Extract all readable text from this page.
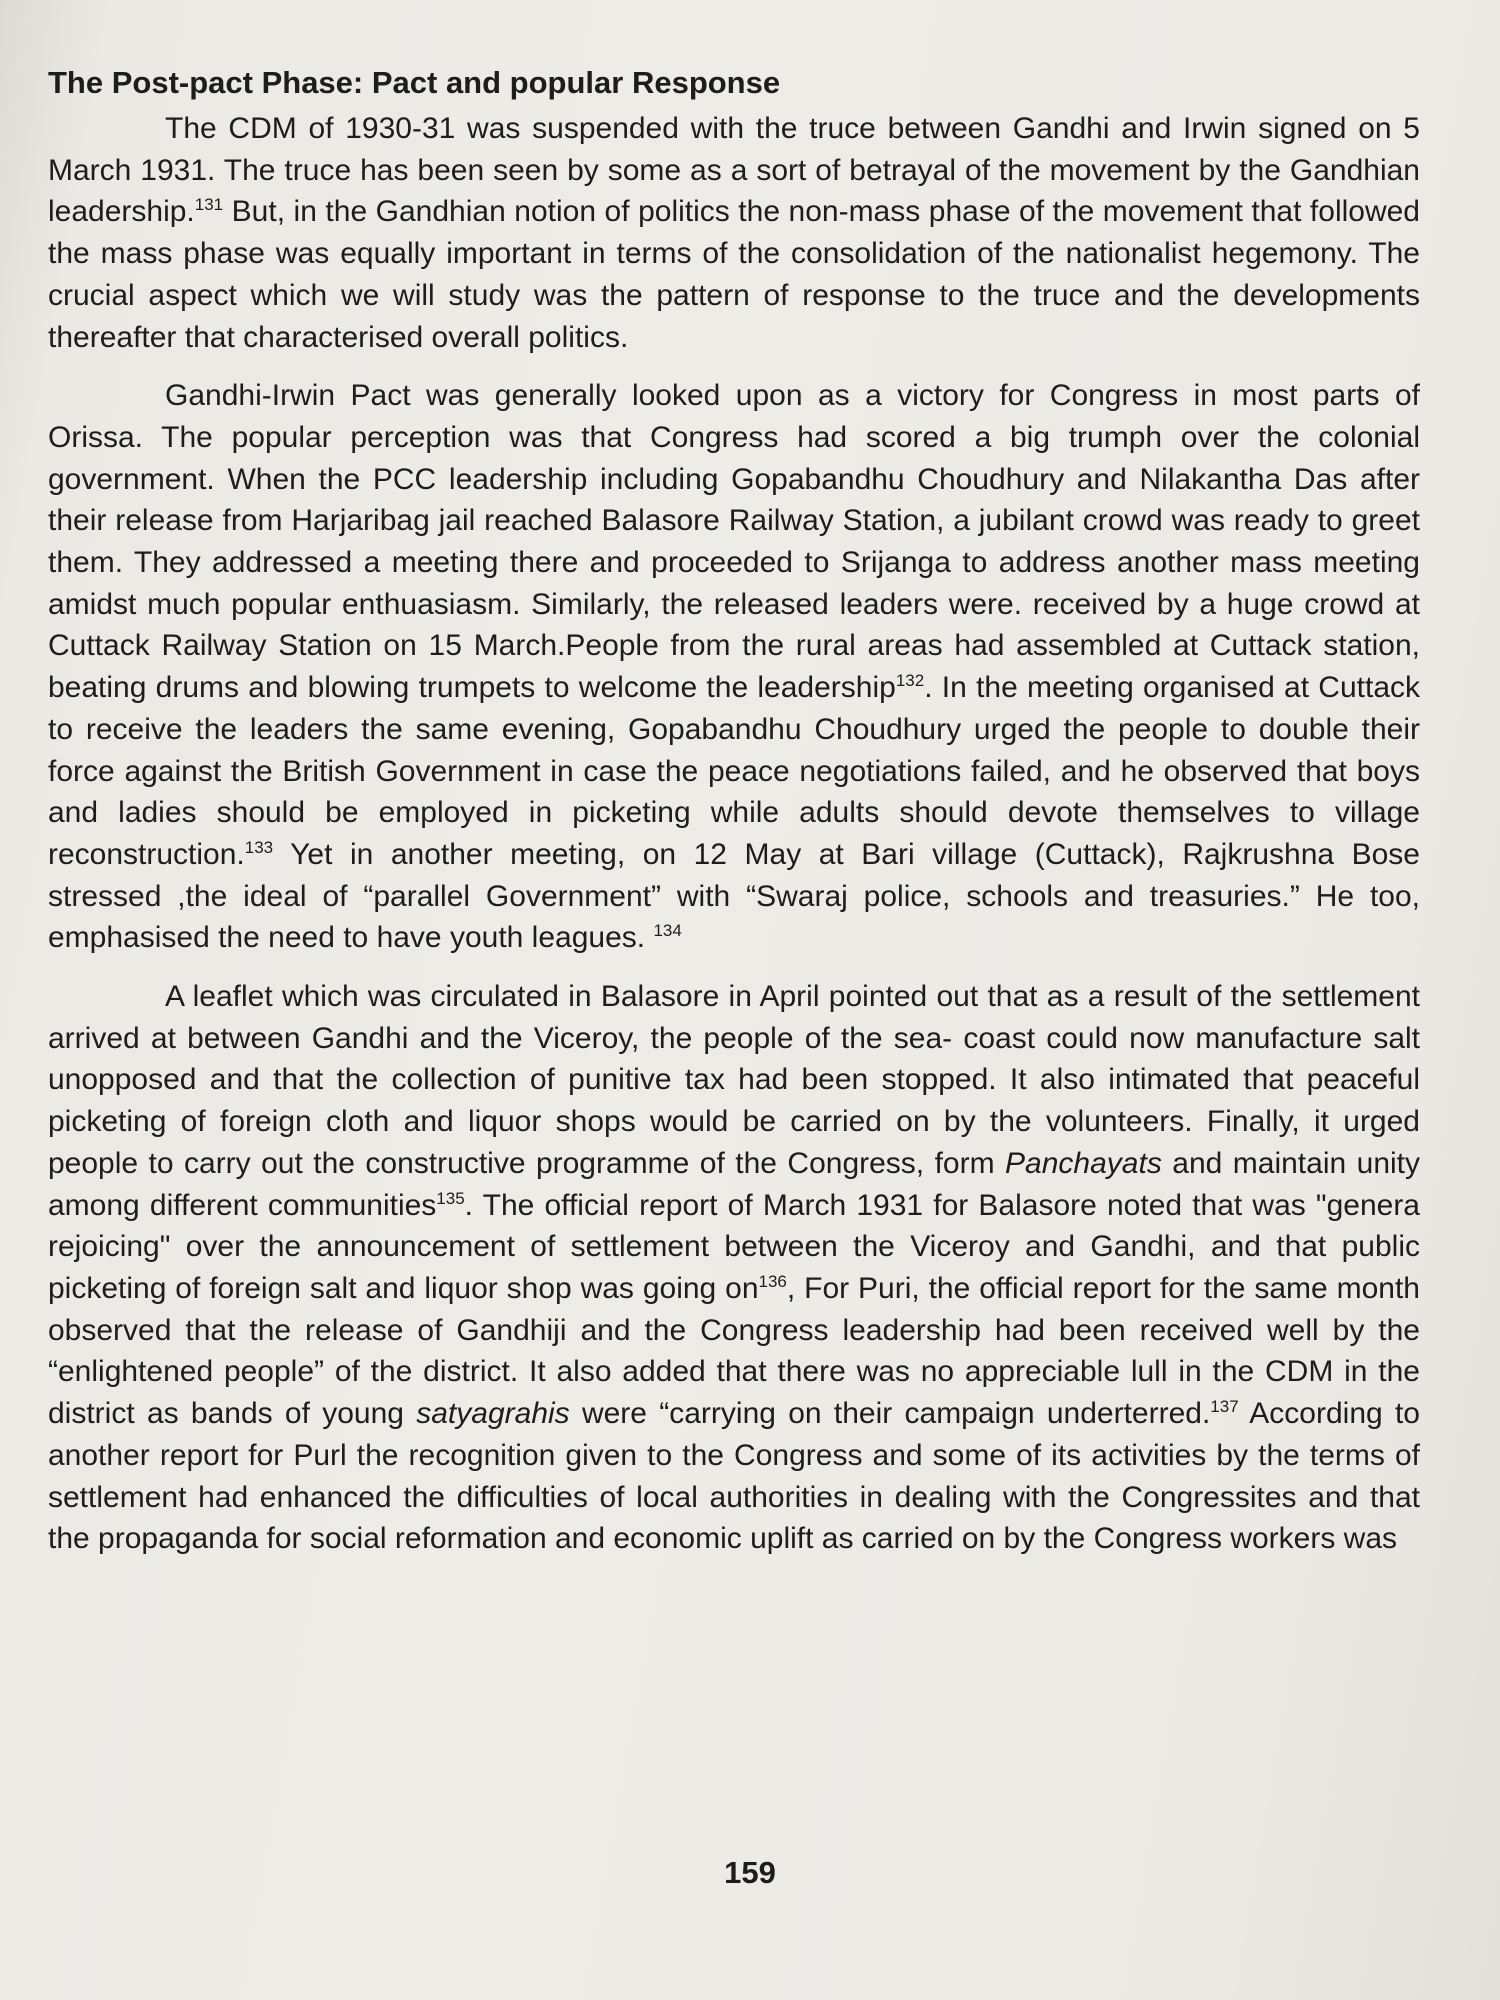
The Post-pact Phase: Pact and popular Response

The CDM of 1930-31 was suspended with the truce between Gandhi and Irwin signed on 5 March 1931. The truce has been seen by some as a sort of betrayal of the movement by the Gandhian leadership.$^{131}$ But, in the Gandhian notion of politics the non-mass phase of the movement that followed the mass phase was equally important in terms of the consolidation of the nationalist hegemony. The crucial aspect which we will study was the pattern of response to the truce and the developments thereafter that characterised overall politics.

Gandhi-Irwin Pact was generally looked upon as a victory for Congress in most parts of Orissa. The popular perception was that Congress had scored a big trumph over the colonial government. When the PCC leadership including Gopabandhu Choudhury and Nilakantha Das after their release from Harjaribag jail reached Balasore Railway Station, a jubilant crowd was ready to greet them. They addressed a meeting there and proceeded to Srijanga to address another mass meeting amidst much popular enthuasiasm. Similarly, the released leaders were. received by a huge crowd at Cuttack Railway Station on 15 March.People from the rural areas had assembled at Cuttack station, beating drums and blowing trumpets to welcome the leadership$^{132}$. In the meeting organised at Cuttack to receive the leaders the same evening, Gopabandhu Choudhury urged the people to double their force against the British Government in case the peace negotiations failed, and he observed that boys and ladies should be employed in picketing while adults should devote themselves to village reconstruction.$^{133}$ Yet in another meeting, on 12 May at Bari village (Cuttack), Rajkrushna Bose stressed ,the ideal of “parallel Government” with “Swaraj police, schools and treasuries.” He too, emphasised the need to have youth leagues. $^{134}$

A leaflet which was circulated in Balasore in April pointed out that as a result of the settlement arrived at between Gandhi and the Viceroy, the people of the sea- coast could now manufacture salt unopposed and that the collection of punitive tax had been stopped. It also intimated that peaceful picketing of foreign cloth and liquor shops would be carried on by the volunteers. Finally, it urged people to carry out the constructive programme of the Congress, form Panchayats and maintain unity among different communities$^{135}$. The official report of March 1931 for Balasore noted that was "genera rejoicing" over the announcement of settlement between the Viceroy and Gandhi, and that public picketing of foreign salt and liquor shop was going $on^{136}$, For Puri, the official report for the same month observed that the release of Gandhiji and the Congress leadership had been received well by the “enlightened people” of the district. It also added that there was no appreciable lull in the CDM in the district as bands of young satyagrahis were “carrying on their campaign underterred.$^{137}$ According to another report for Purl the recognition given to the Congress and some of its activities by the terms of settlement had enhanced the difficulties of local authorities in dealing with the Congressites and that the propaganda for social reformation and economic uplift as carried on by the Congress workers was

159
